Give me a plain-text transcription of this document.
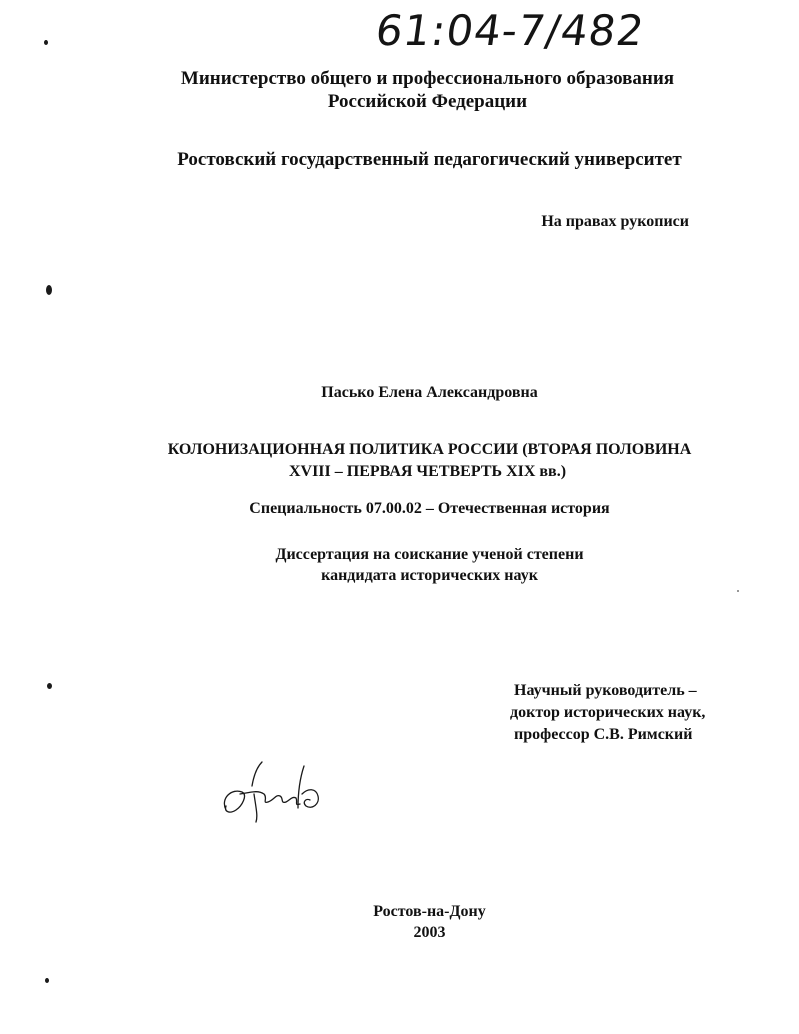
61:04-7/482
Министерство общего и профессионального образования
Российской Федерации
Ростовский государственный педагогический университет
На правах рукописи
Пасько Елена Александровна
КОЛОНИЗАЦИОННАЯ ПОЛИТИКА РОССИИ (ВТОРАЯ ПОЛОВИНА
XVIII – ПЕРВАЯ ЧЕТВЕРТЬ XIX вв.)
Специальность 07.00.02 – Отечественная история
Диссертация на соискание ученой степени
кандидата исторических наук
Научный руководитель –
доктор исторических наук,
профессор С.В. Римский
Ростов-на-Дону
2003
